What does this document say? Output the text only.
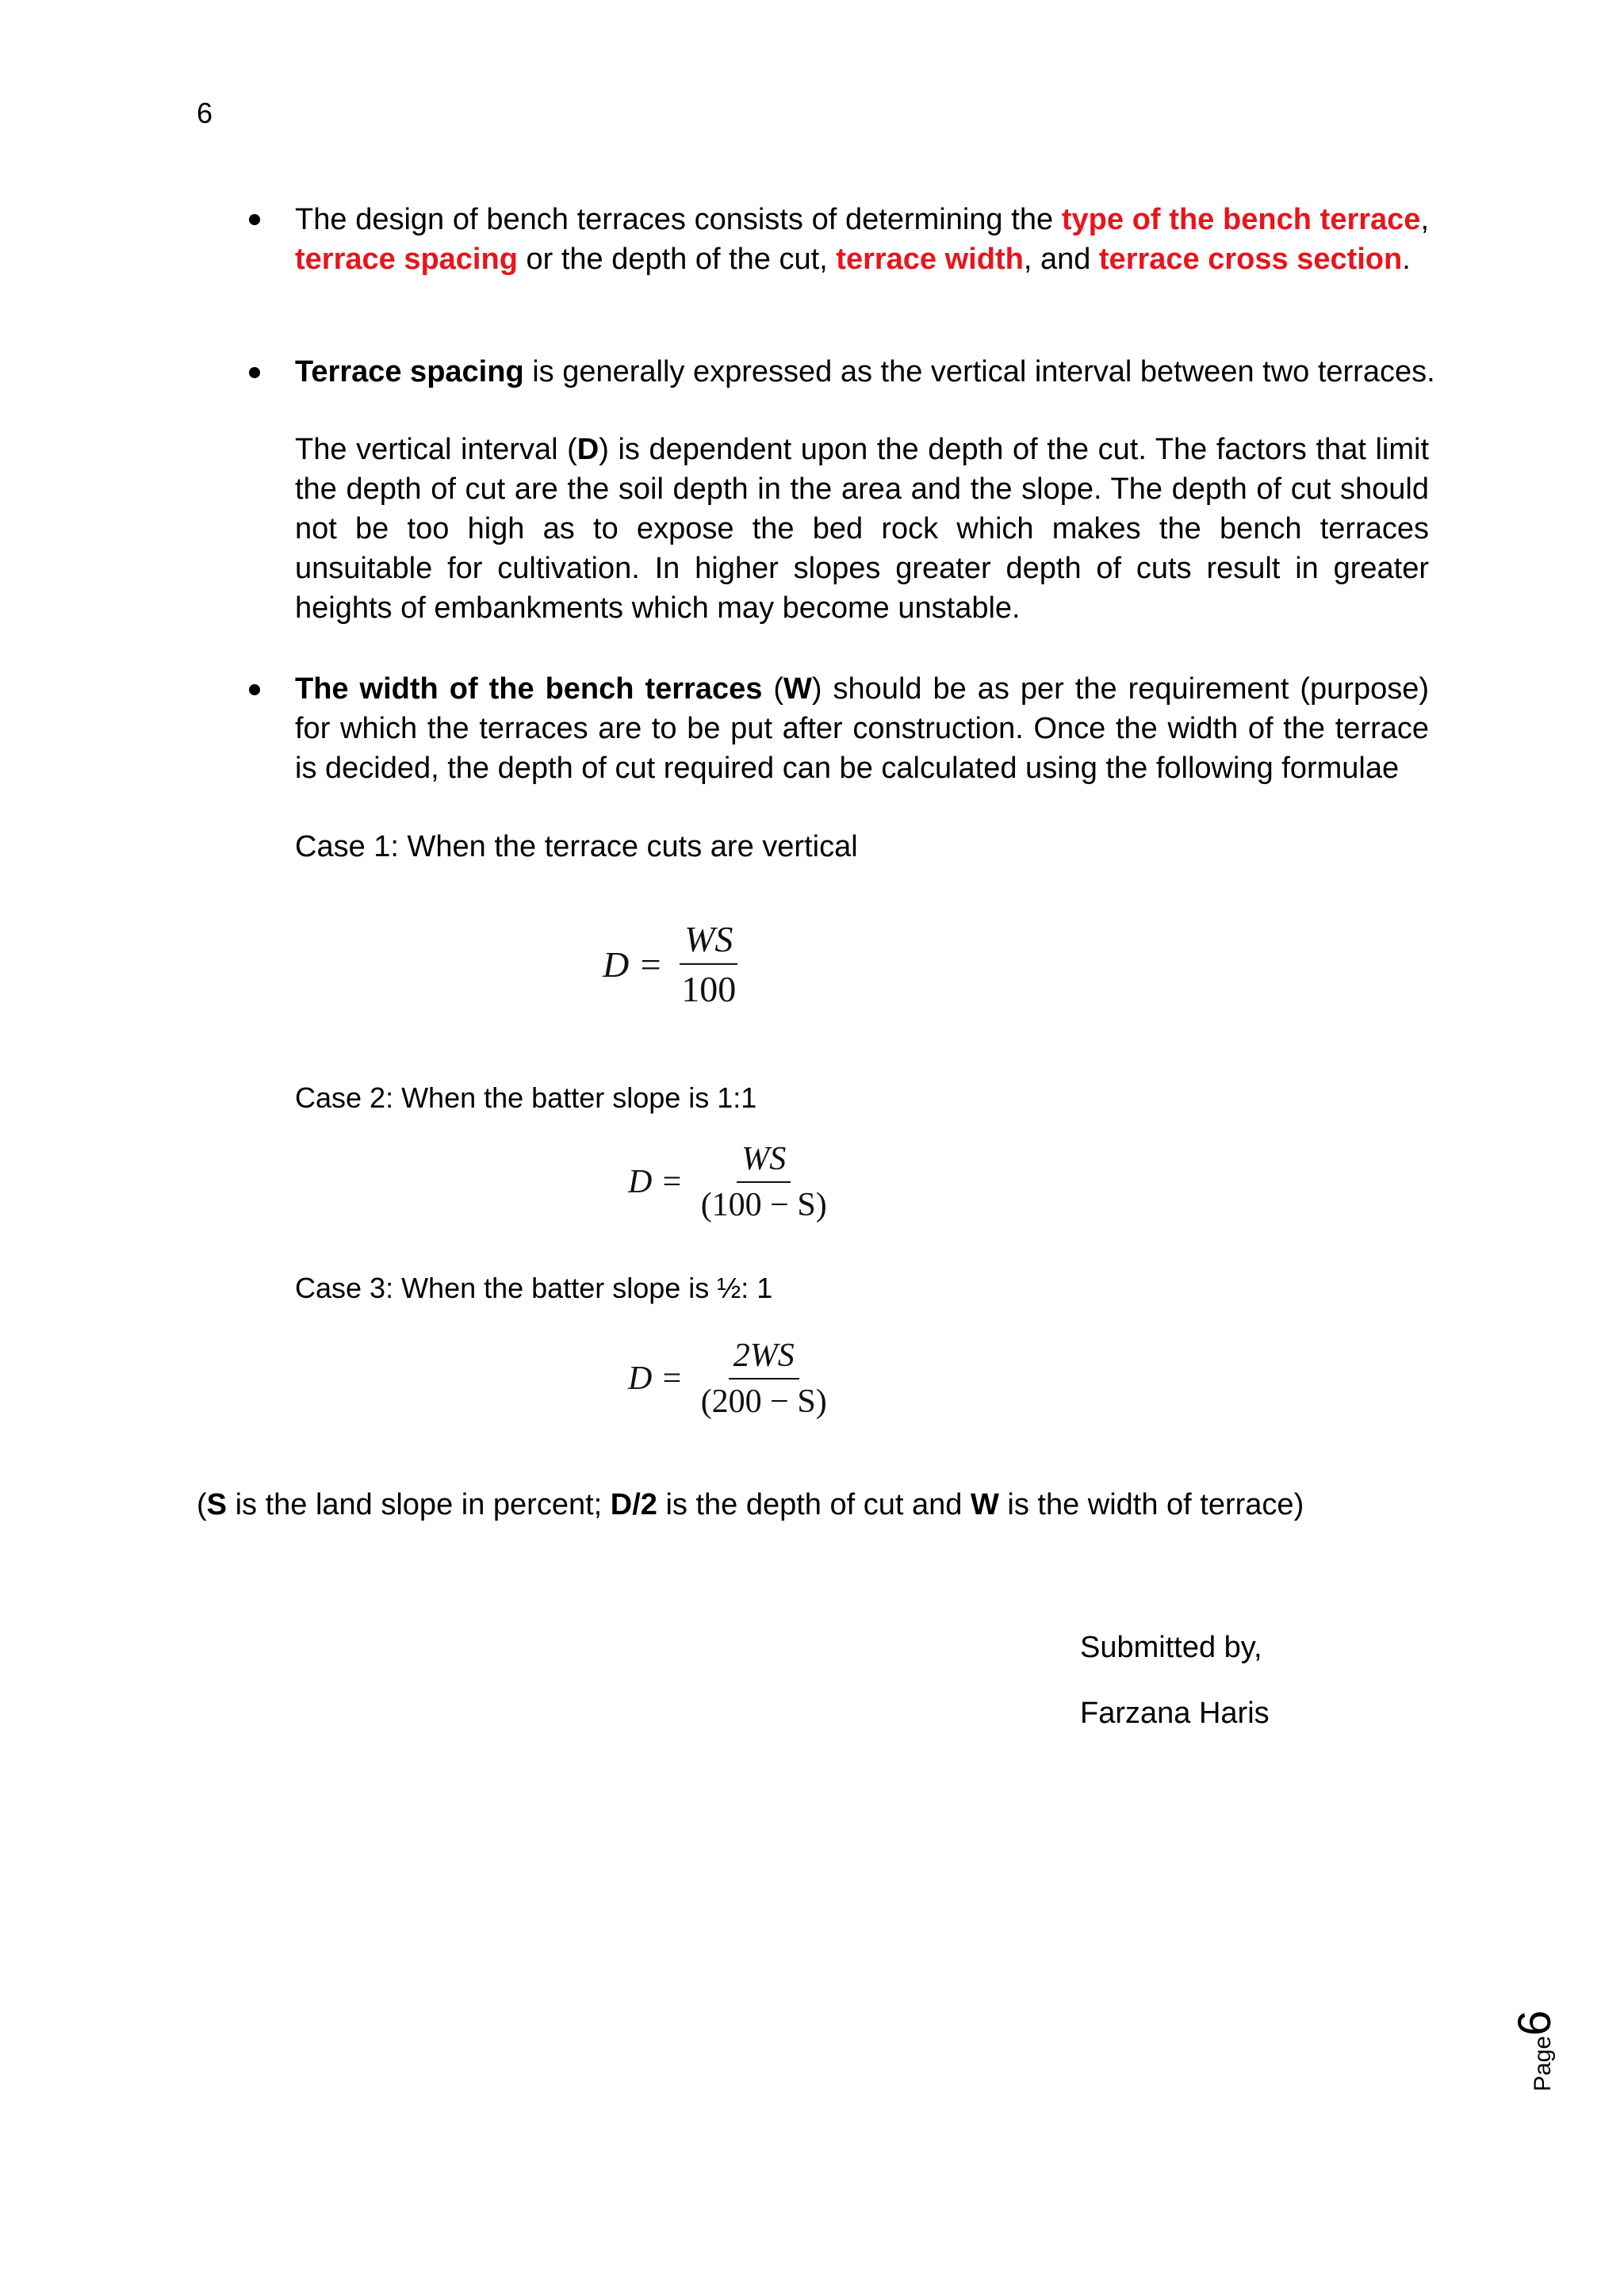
6
The design of bench terraces consists of determining the type of the bench terrace, terrace spacing or the depth of the cut, terrace width, and terrace cross section.
Terrace spacing is generally expressed as the vertical interval between two terraces.
The vertical interval (D) is dependent upon the depth of the cut. The factors that limit the depth of cut are the soil depth in the area and the slope. The depth of cut should not be too high as to expose the bed rock which makes the bench terraces unsuitable for cultivation. In higher slopes greater depth of cuts result in greater heights of embankments which may become unstable.
The width of the bench terraces (W) should be as per the requirement (purpose) for which the terraces are to be put after construction. Once the width of the terrace is decided, the depth of cut required can be calculated using the following formulae
Case 1: When the terrace cuts are vertical
$D = \frac{WS}{100}$
Case 2: When the batter slope is 1:1
$D = \frac{WS}{(100 - S)}$
Case 3: When the batter slope is ½: 1
$D = \frac{2WS}{(200 - S)}$
(S is the land slope in percent; D/2 is the depth of cut and W is the width of terrace)
Submitted by,
Farzana Haris
Page6
